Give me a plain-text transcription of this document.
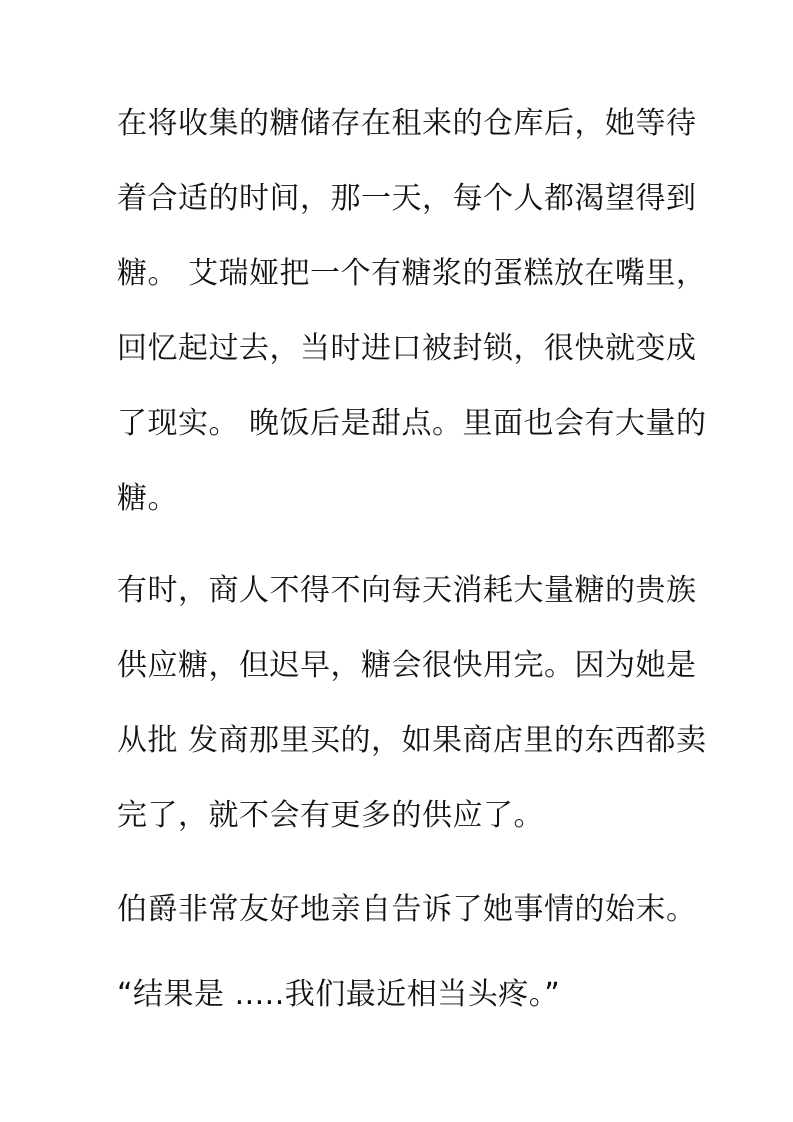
在将收集的糖储存在租来的仓库后，她等待
着合适的时间，那一天，每个人都渴望得到
糖。 艾瑞娅把一个有糖浆的蛋糕放在嘴里，
回忆起过去，当时进口被封锁，很快就变成
了现实。 晚饭后是甜点。里面也会有大量的
糖。
有时，商人不得不向每天消耗大量糖的贵族
供应糖，但迟早，糖会很快用完。因为她是
从批 发商那里买的，如果商店里的东西都卖
完了，就不会有更多的供应了。
伯爵非常友好地亲自告诉了她事情的始末。
“结果是 .....我们最近相当头疼。”
